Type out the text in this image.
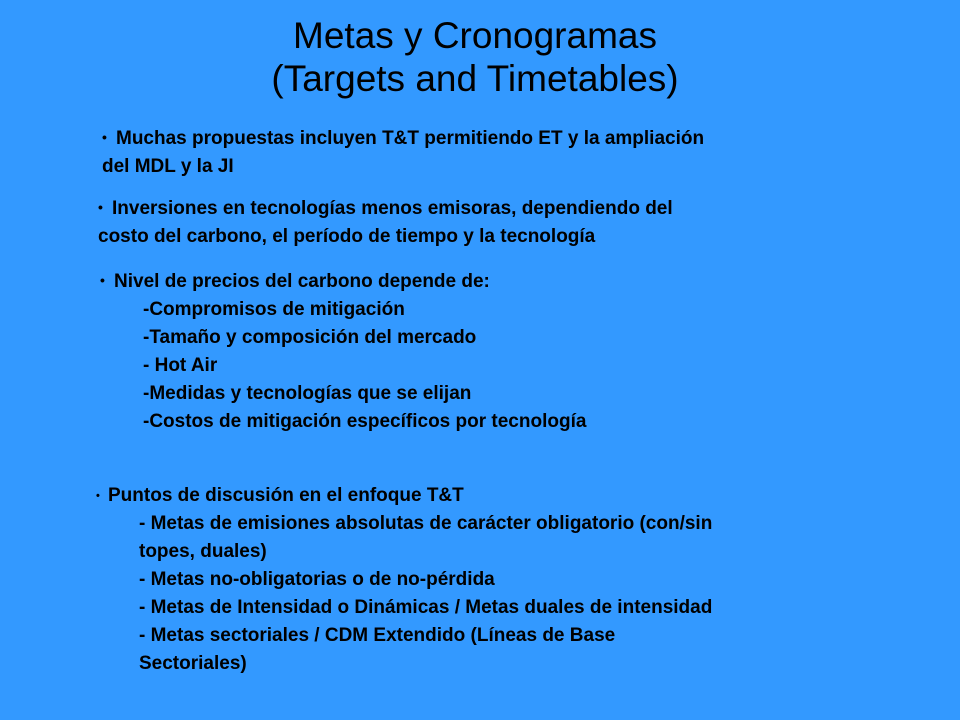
Metas y Cronogramas
(Targets and Timetables)
• Muchas propuestas incluyen T&T permitiendo ET y la ampliación
del MDL y la JI
• Inversiones en tecnologías menos emisoras, dependiendo del
costo del carbono, el período de tiempo y la tecnología
• Nivel de precios del carbono depende de:
-Compromisos de mitigación
-Tamaño y composición del mercado
- Hot Air
-Medidas y tecnologías que se elijan
-Costos de mitigación específicos por tecnología
• Puntos de discusión en el enfoque T&T
- Metas de emisiones absolutas de carácter obligatorio (con/sin
topes, duales)
- Metas no-obligatorias o de no-pérdida
- Metas de Intensidad o Dinámicas / Metas duales de intensidad
- Metas sectoriales / CDM Extendido (Líneas de Base
Sectoriales)
